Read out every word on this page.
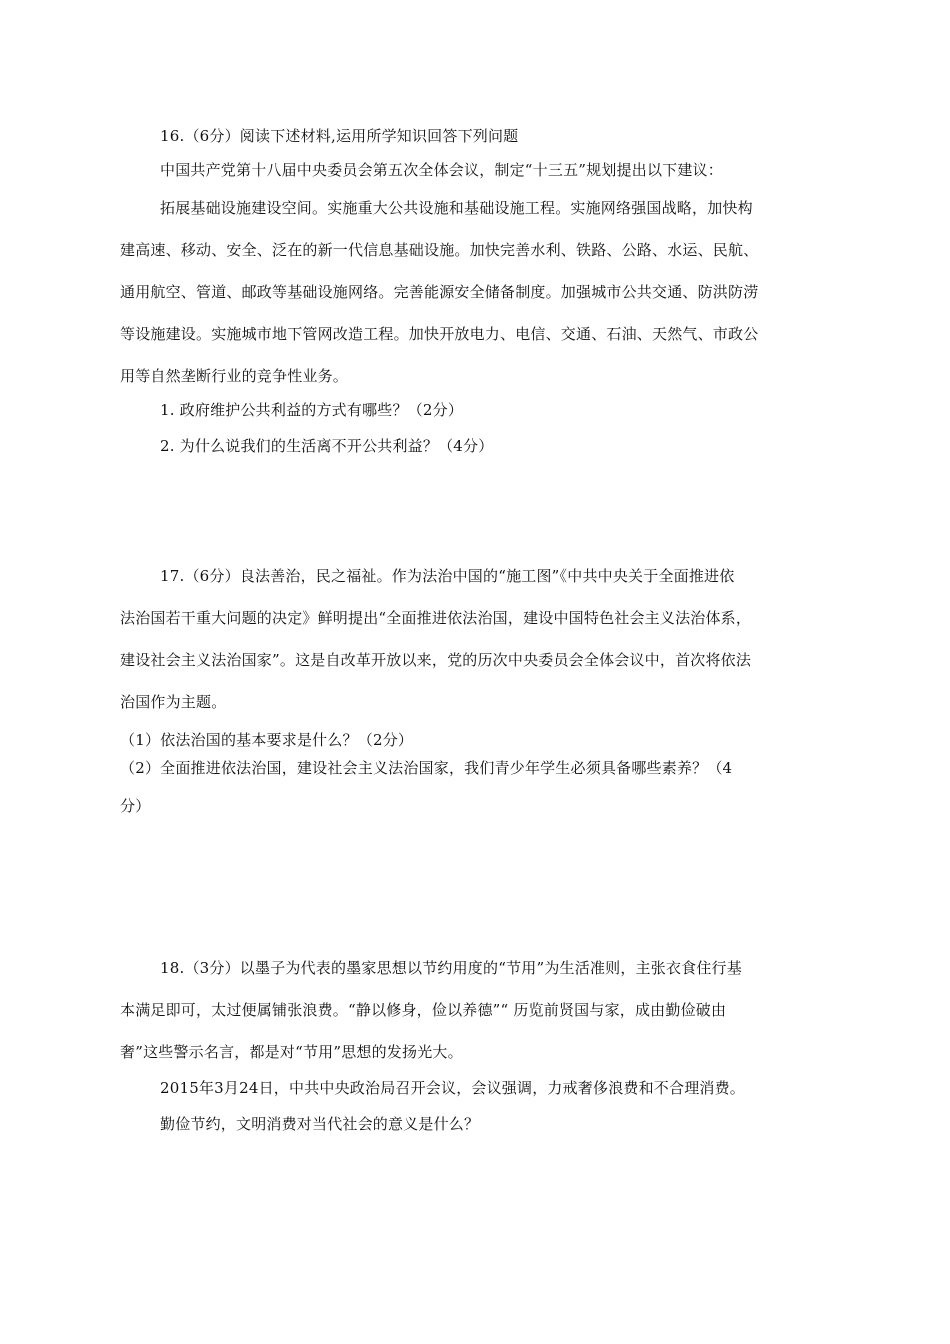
16.（6分）阅读下述材料,运用所学知识回答下列问题
中国共产党第十八届中央委员会第五次全体会议，制定“十三五”规划提出以下建议：
拓展基础设施建设空间。实施重大公共设施和基础设施工程。实施网络强国战略，加快构
建高速、移动、安全、泛在的新一代信息基础设施。加快完善水利、铁路、公路、水运、民航、
通用航空、管道、邮政等基础设施网络。完善能源安全储备制度。加强城市公共交通、防洪防涝
等设施建设。实施城市地下管网改造工程。加快开放电力、电信、交通、石油、天然气、市政公
用等自然垄断行业的竞争性业务。
1. 政府维护公共利益的方式有哪些？（2分）
2. 为什么说我们的生活离不开公共利益？（4分）
17.（6分）良法善治，民之福祉。作为法治中国的“施工图”《中共中央关于全面推进依
法治国若干重大问题的决定》鲜明提出“全面推进依法治国，建设中国特色社会主义法治体系，
建设社会主义法治国家”。这是自改革开放以来，党的历次中央委员会全体会议中，首次将依法
治国作为主题。
（1）依法治国的基本要求是什么？（2分）
（2）全面推进依法治国，建设社会主义法治国家，我们青少年学生必须具备哪些素养？（4
分）
18.（3分）以墨子为代表的墨家思想以节约用度的“节用”为生活准则，主张衣食住行基
本满足即可，太过便属铺张浪费。“静以修身，俭以养德”“ 历览前贤国与家，成由勤俭破由
奢”这些警示名言，都是对“节用”思想的发扬光大。
2015年3月24日，中共中央政治局召开会议，会议强调，力戒奢侈浪费和不合理消费。
勤俭节约，文明消费对当代社会的意义是什么？
